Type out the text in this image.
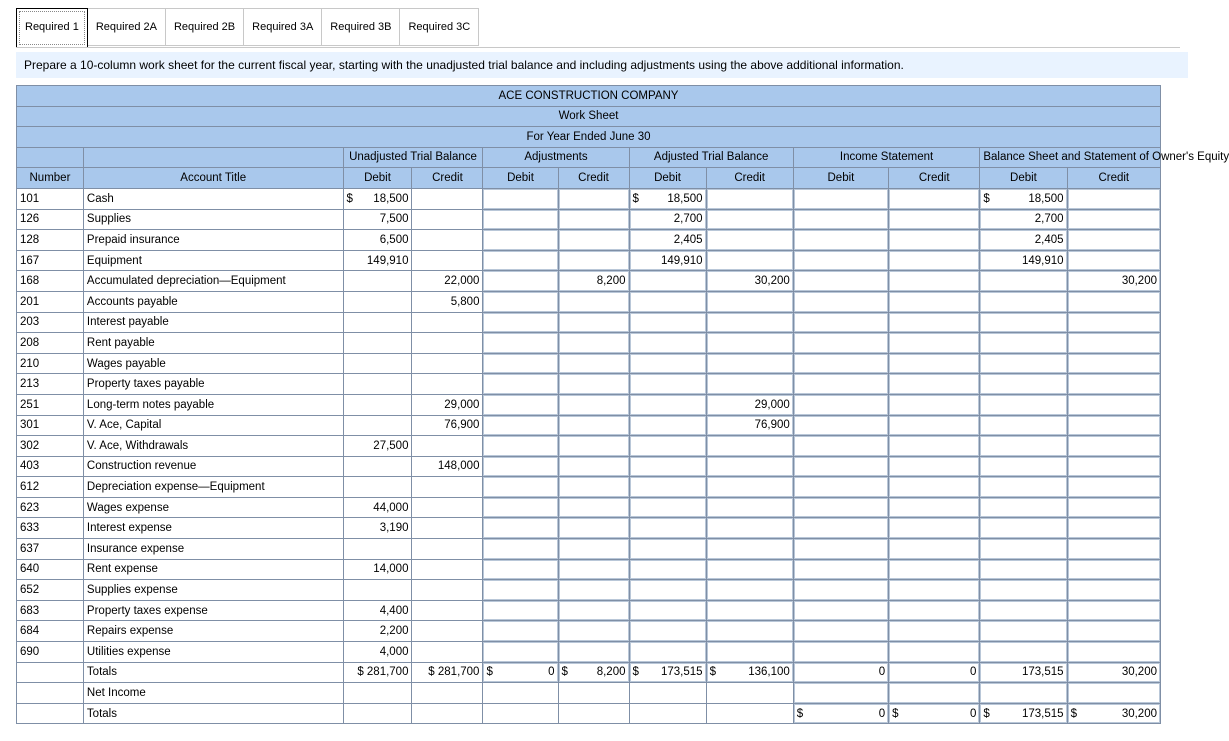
Required 1	Required 2A	Required 2B	Required 3A	Required 3B	Required 3C
Prepare a 10-column work sheet for the current fiscal year, starting with the unadjusted trial balance and including adjustments using the above additional information.
ACE CONSTRUCTION COMPANY											
Work Sheet											
For Year Ended June 30											
		Unadjusted Trial Balance		Adjustments		Adjusted Trial Balance		Income Statement		Balance Sheet and Statement of Owner's Equity	
Number	Account Title	Debit	Credit	Debit	Credit	Debit	Credit	Debit	Credit	Debit	Credit
101	Cash	$ 18,500				$ 18,500				$ 18,500	
126	Supplies	7,500				2,700				2,700	
128	Prepaid insurance	6,500				2,405				2,405	
167	Equipment	149,910				149,910				149,910	
168	Accumulated depreciation—Equipment		22,000		8,200		30,200				30,200
201	Accounts payable		5,800								
203	Interest payable										
208	Rent payable										
210	Wages payable										
213	Property taxes payable										
251	Long-term notes payable		29,000				29,000				
301	V. Ace, Capital		76,900				76,900				
302	V. Ace, Withdrawals	27,500									
403	Construction revenue		148,000								
612	Depreciation expense—Equipment										
623	Wages expense	44,000									
633	Interest expense	3,190									
637	Insurance expense										
640	Rent expense	14,000									
652	Supplies expense										
683	Property taxes expense	4,400									
684	Repairs expense	2,200									
690	Utilities expense	4,000									
	Totals	$ 281,700	$ 281,700	$ 0	$ 8,200	$ 173,515	$ 136,100	0	0	173,515	30,200
	Net Income										
	Totals							$ 0	$ 0	$ 173,515	$ 30,200
